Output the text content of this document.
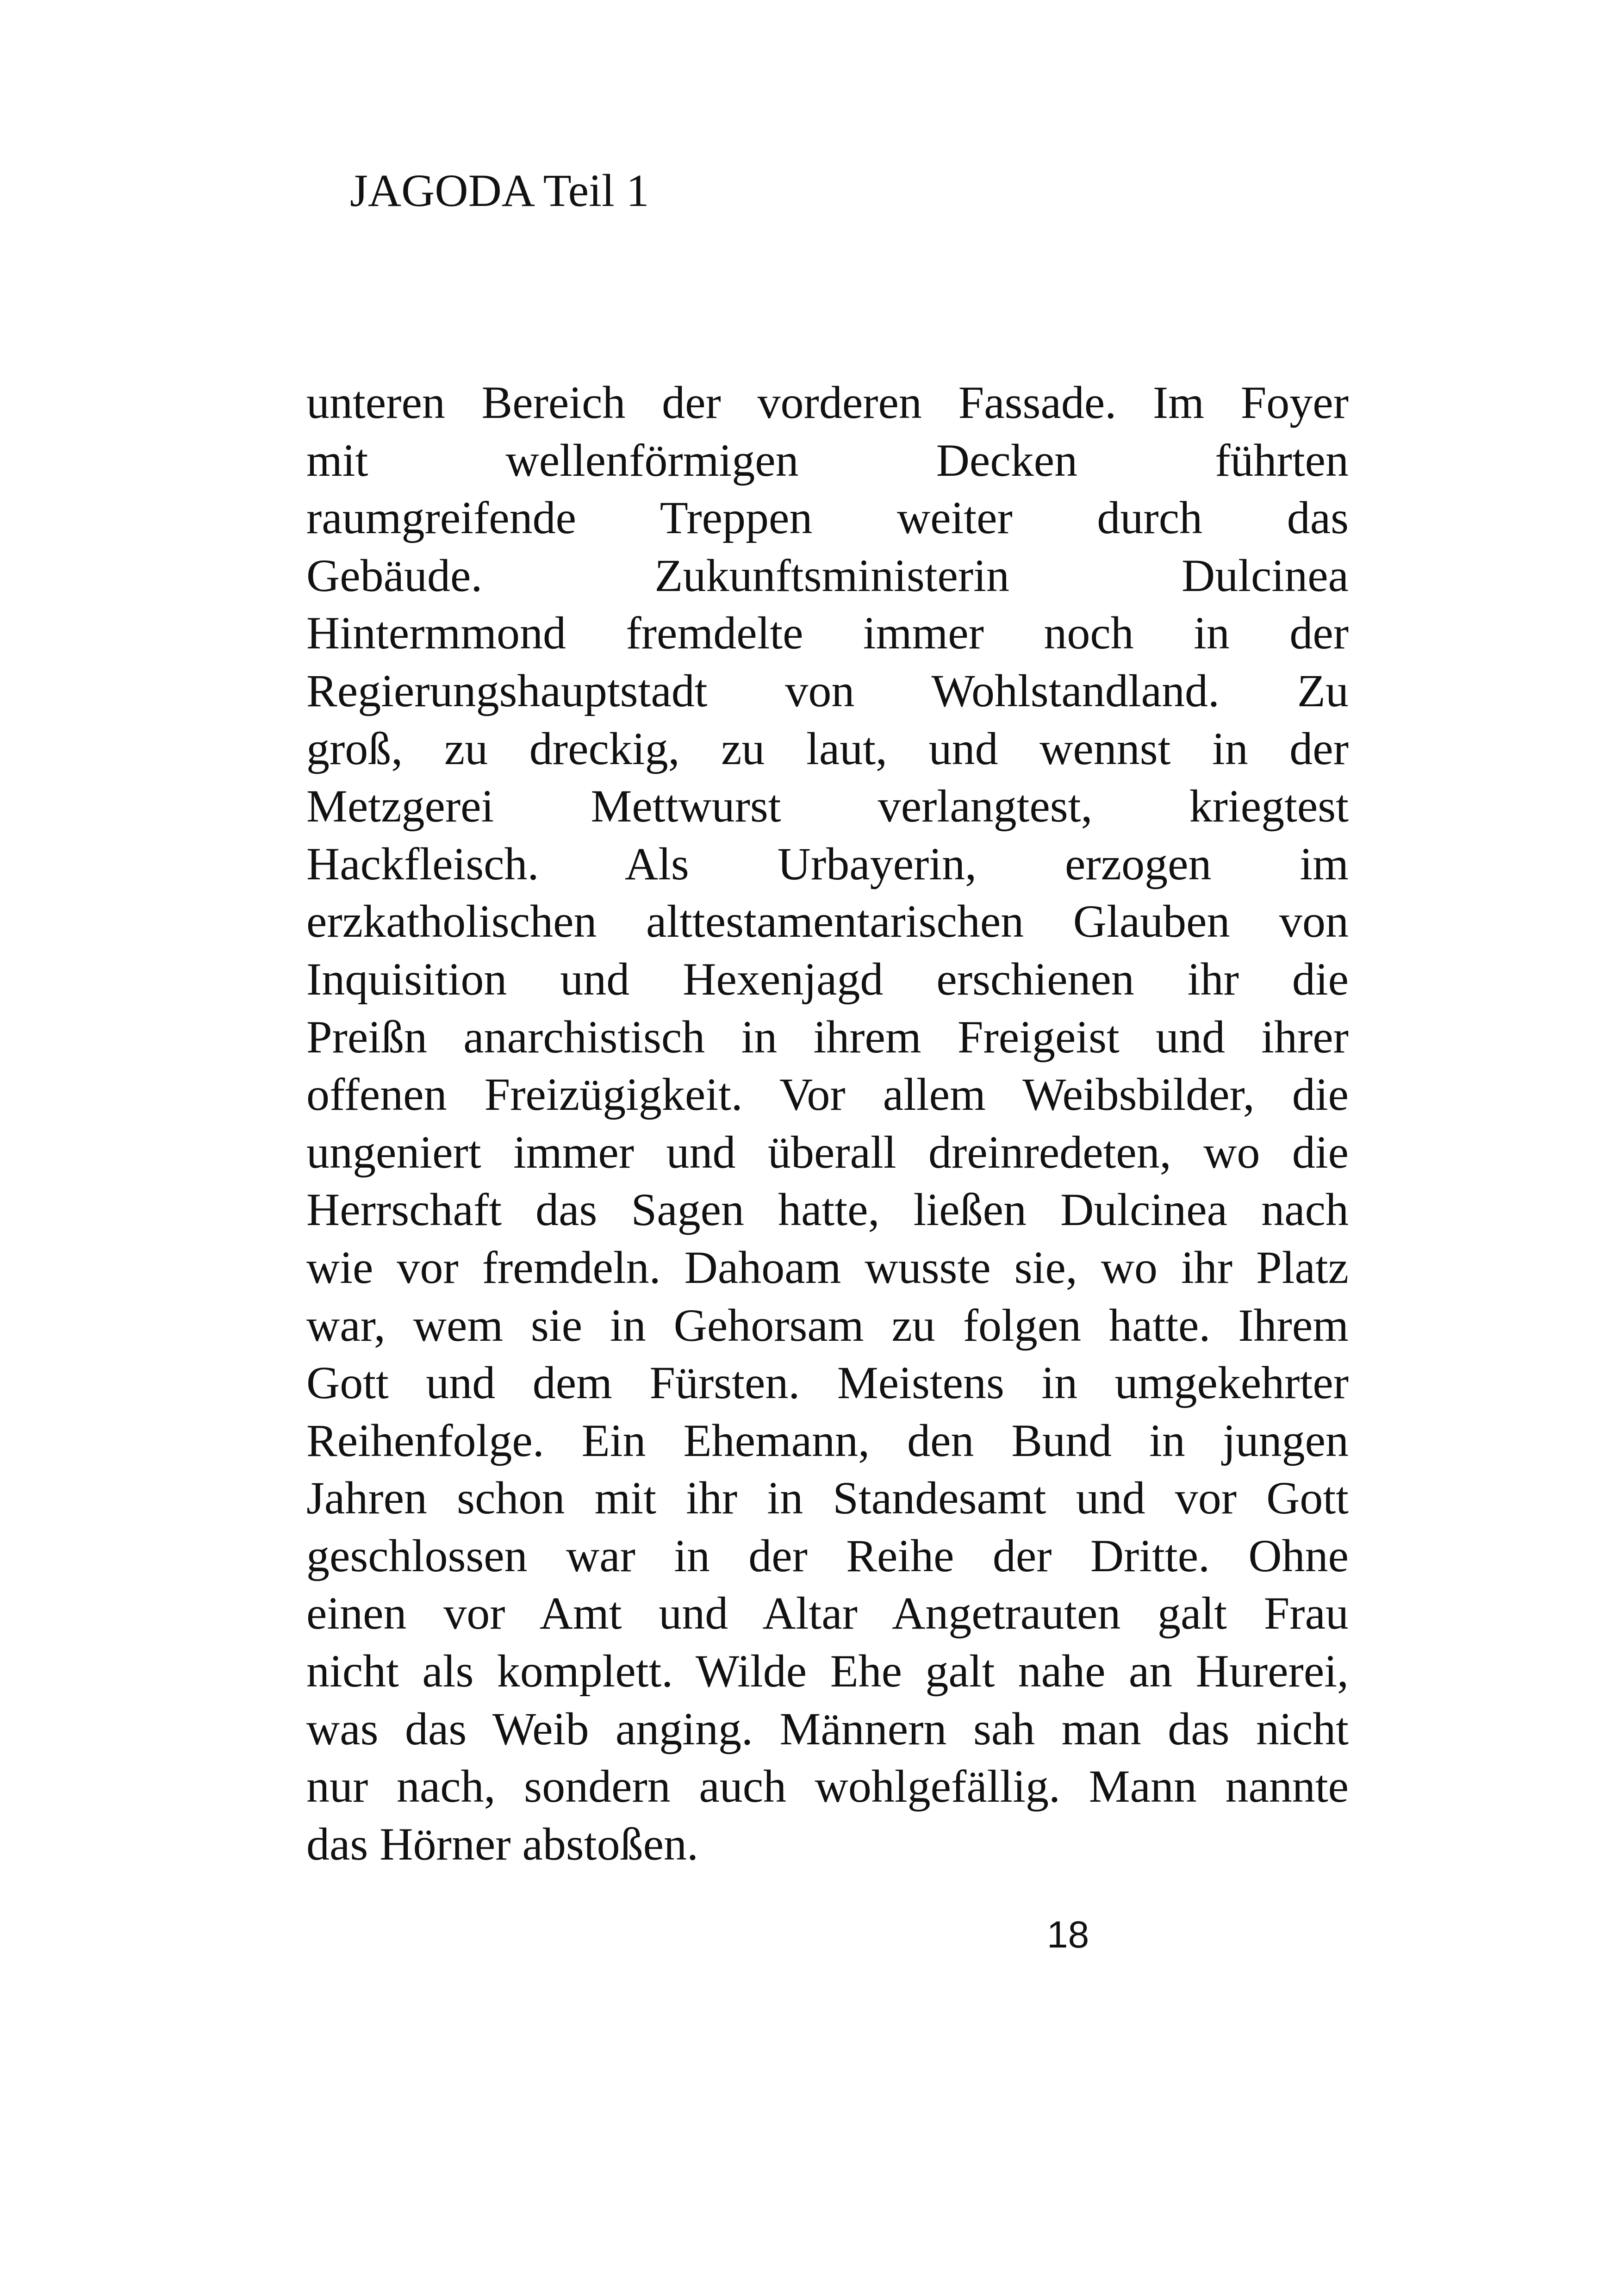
JAGODA Teil 1
unteren Bereich der vorderen Fassade. Im Foyer
mit wellenförmigen Decken führten
raumgreifende Treppen weiter durch das
Gebäude. Zukunftsministerin Dulcinea
Hintermmond fremdelte immer noch in der
Regierungshauptstadt von Wohlstandland. Zu
groß, zu dreckig, zu laut, und wennst in der
Metzgerei Mettwurst verlangtest, kriegtest
Hackfleisch. Als Urbayerin, erzogen im
erzkatholischen alttestamentarischen Glauben von
Inquisition und Hexenjagd erschienen ihr die
Preißn anarchistisch in ihrem Freigeist und ihrer
offenen Freizügigkeit. Vor allem Weibsbilder, die
ungeniert immer und überall dreinredeten, wo die
Herrschaft das Sagen hatte, ließen Dulcinea nach
wie vor fremdeln. Dahoam wusste sie, wo ihr Platz
war, wem sie in Gehorsam zu folgen hatte. Ihrem
Gott und dem Fürsten. Meistens in umgekehrter
Reihenfolge. Ein Ehemann, den Bund in jungen
Jahren schon mit ihr in Standesamt und vor Gott
geschlossen war in der Reihe der Dritte. Ohne
einen vor Amt und Altar Angetrauten galt Frau
nicht als komplett. Wilde Ehe galt nahe an Hurerei,
was das Weib anging. Männern sah man das nicht
nur nach, sondern auch wohlgefällig. Mann nannte
das Hörner abstoßen.
18
